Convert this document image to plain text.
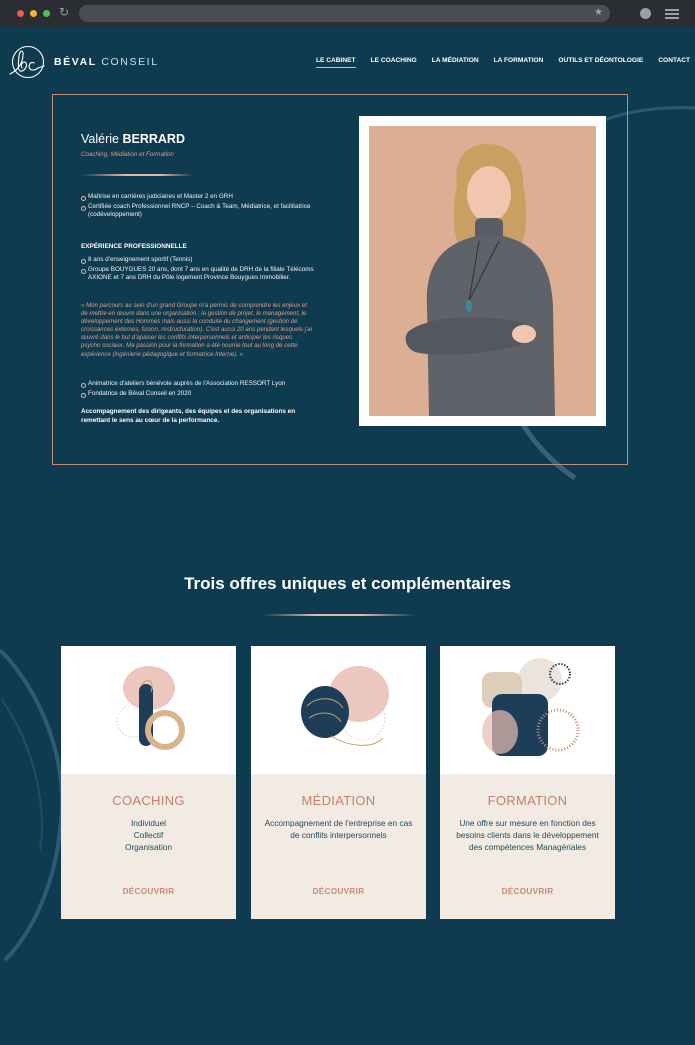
↻	★
BÉVAL CONSEIL	LE CABINET LE COACHING LA MÉDIATION LA FORMATION OUTILS ET DÉONTOLOGIE CONTACT
Valérie BERRARD
Coaching, Médiation et Formation
Maîtrise en carrières judiciaires et Master 2 en GRH
Certifiée coach Professionnel RNCP – Coach & Team, Médiatrice, et facilitatrice (codéveloppement)
EXPÉRIENCE PROFESSIONNELLE
8 ans d'enseignement sportif (Tennis)
Groupe BOUYGUES 20 ans, dont 7 ans en qualité de DRH de la filiale Télécoms AXIONE et 7 ans DRH du Pôle logement Province Bouygues Immobilier.
« Mon parcours au sein d'un grand Groupe m'a permis de comprendre les enjeux et de mettre en œuvre dans une organisation : la gestion de projet, le management, le développement des Hommes mais aussi la conduite du changement (gestion de croissances externes, fusion, restructuration). C'est aussi 20 ans pendant lesquels j'ai œuvré dans le but d'apaiser les conflits interpersonnels et anticiper les risques psycho sociaux. Ma passion pour la formation a été nourrie tout au long de cette expérience (ingénierie pédagogique et formatrice Interne). »
Animatrice d'ateliers bénévole auprès de l'Association RESSORT Lyon
Fondatrice de Béval Conseil en 2020
Accompagnement des dirigeants, des équipes et des organisations en remettant le sens au cœur de la performance.
Trois offres uniques et complémentaires
COACHING
Individuel
Collectif
Organisation
DÉCOUVRIR
MÉDIATION
Accompagnement de l'entreprise en cas de conflits interpersonnels
DÉCOUVRIR
FORMATION
Une offre sur mesure en fonction des besoins clients dans le développement des compétences Managériales
DÉCOUVRIR
